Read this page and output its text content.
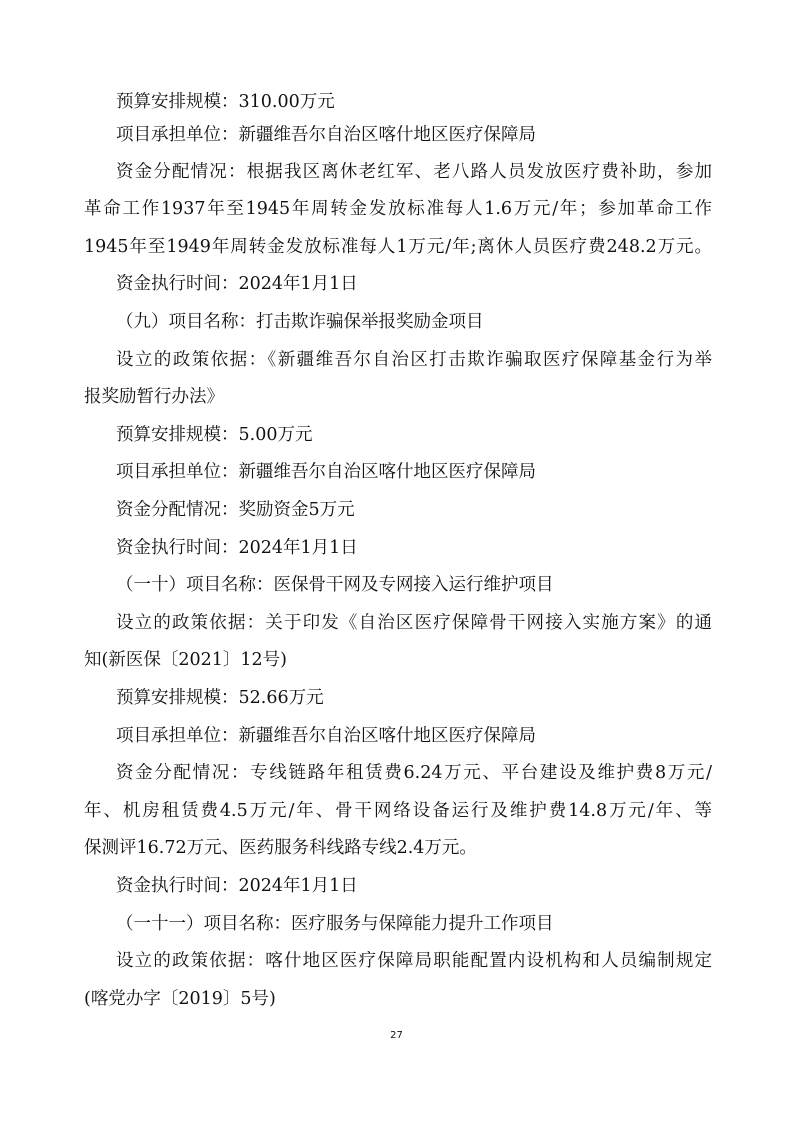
预算安排规模：310.00万元
项目承担单位：新疆维吾尔自治区喀什地区医疗保障局
资金分配情况：根据我区离休老红军、老八路人员发放医疗费补助，参加
革命工作1937年至1945年周转金发放标准每人1.6万元/年；参加革命工作
1945年至1949年周转金发放标准每人1万元/年;离休人员医疗费248.2万元。
资金执行时间：2024年1月1日
（九）项目名称：打击欺诈骗保举报奖励金项目
设立的政策依据：《新疆维吾尔自治区打击欺诈骗取医疗保障基金行为举
报奖励暂行办法》
预算安排规模：5.00万元
项目承担单位：新疆维吾尔自治区喀什地区医疗保障局
资金分配情况：奖励资金5万元
资金执行时间：2024年1月1日
（一十）项目名称：医保骨干网及专网接入运行维护项目
设立的政策依据：关于印发《自治区医疗保障骨干网接入实施方案》的通
知(新医保〔2021〕12号)
预算安排规模：52.66万元
项目承担单位：新疆维吾尔自治区喀什地区医疗保障局
资金分配情况：专线链路年租赁费6.24万元、平台建设及维护费8万元/
年、机房租赁费4.5万元/年、骨干网络设备运行及维护费14.8万元/年、等
保测评16.72万元、医药服务科线路专线2.4万元。
资金执行时间：2024年1月1日
（一十一）项目名称：医疗服务与保障能力提升工作项目
设立的政策依据：喀什地区医疗保障局职能配置内设机构和人员编制规定
(喀党办字〔2019〕5号)
27
